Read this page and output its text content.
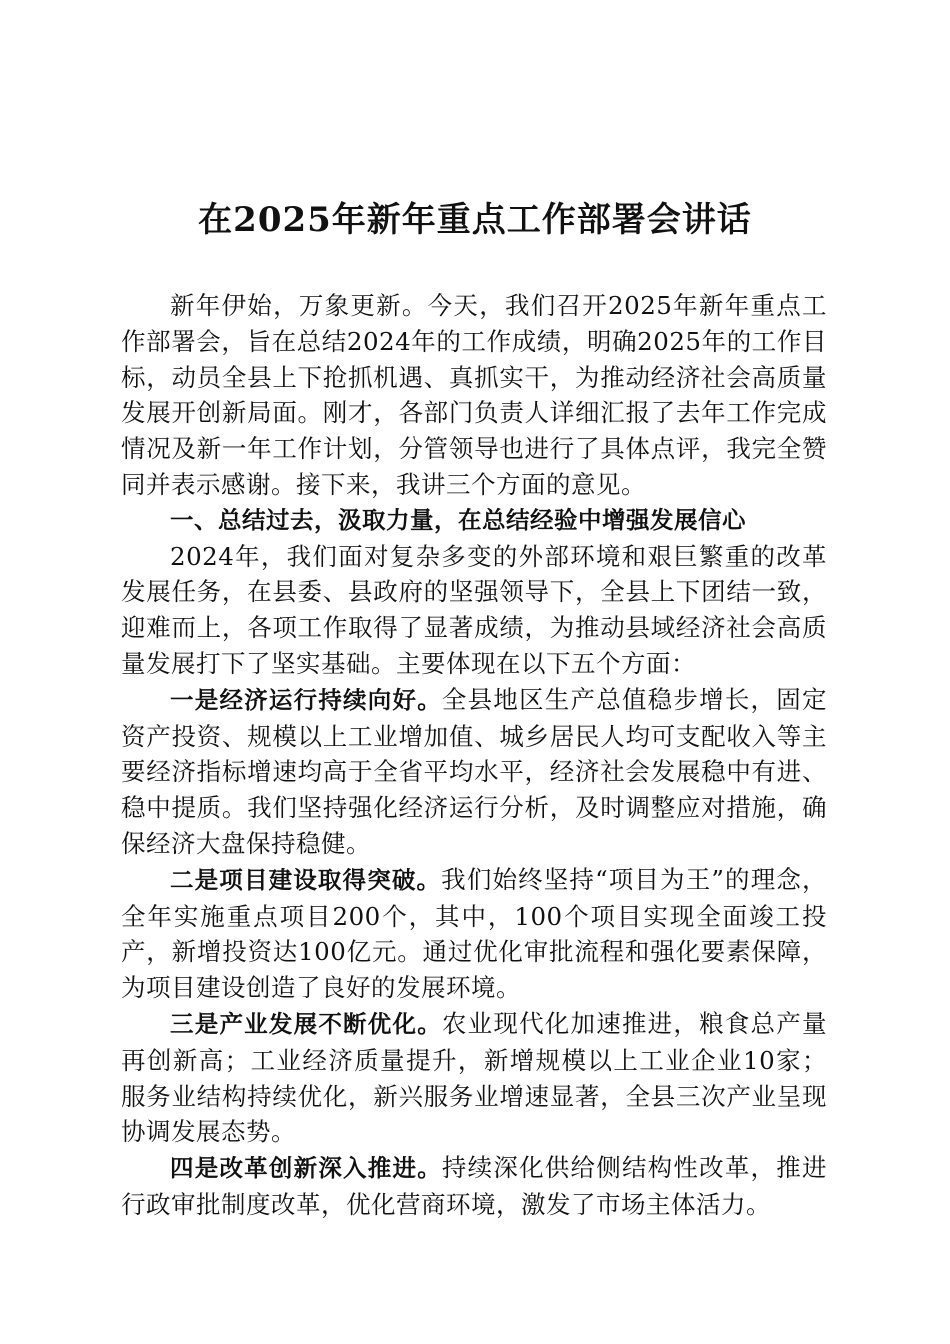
在2025年新年重点工作部署会讲话

新年伊始，万象更新。今天，我们召开2025年新年重点工作部署会，旨在总结2024年的工作成绩，明确2025年的工作目标，动员全县上下抢抓机遇、真抓实干，为推动经济社会高质量发展开创新局面。刚才，各部门负责人详细汇报了去年工作完成情况及新一年工作计划，分管领导也进行了具体点评，我完全赞同并表示感谢。接下来，我讲三个方面的意见。

一、总结过去，汲取力量，在总结经验中增强发展信心

2024年，我们面对复杂多变的外部环境和艰巨繁重的改革发展任务，在县委、县政府的坚强领导下，全县上下团结一致，迎难而上，各项工作取得了显著成绩，为推动县域经济社会高质量发展打下了坚实基础。主要体现在以下五个方面：

一是经济运行持续向好。全县地区生产总值稳步增长，固定资产投资、规模以上工业增加值、城乡居民人均可支配收入等主要经济指标增速均高于全省平均水平，经济社会发展稳中有进、稳中提质。我们坚持强化经济运行分析，及时调整应对措施，确保经济大盘保持稳健。

二是项目建设取得突破。我们始终坚持“项目为王”的理念，全年实施重点项目200个，其中，100个项目实现全面竣工投产，新增投资达100亿元。通过优化审批流程和强化要素保障，为项目建设创造了良好的发展环境。

三是产业发展不断优化。农业现代化加速推进，粮食总产量再创新高；工业经济质量提升，新增规模以上工业企业10家；服务业结构持续优化，新兴服务业增速显著，全县三次产业呈现协调发展态势。

四是改革创新深入推进。持续深化供给侧结构性改革，推进行政审批制度改革，优化营商环境，激发了市场主体活力。
